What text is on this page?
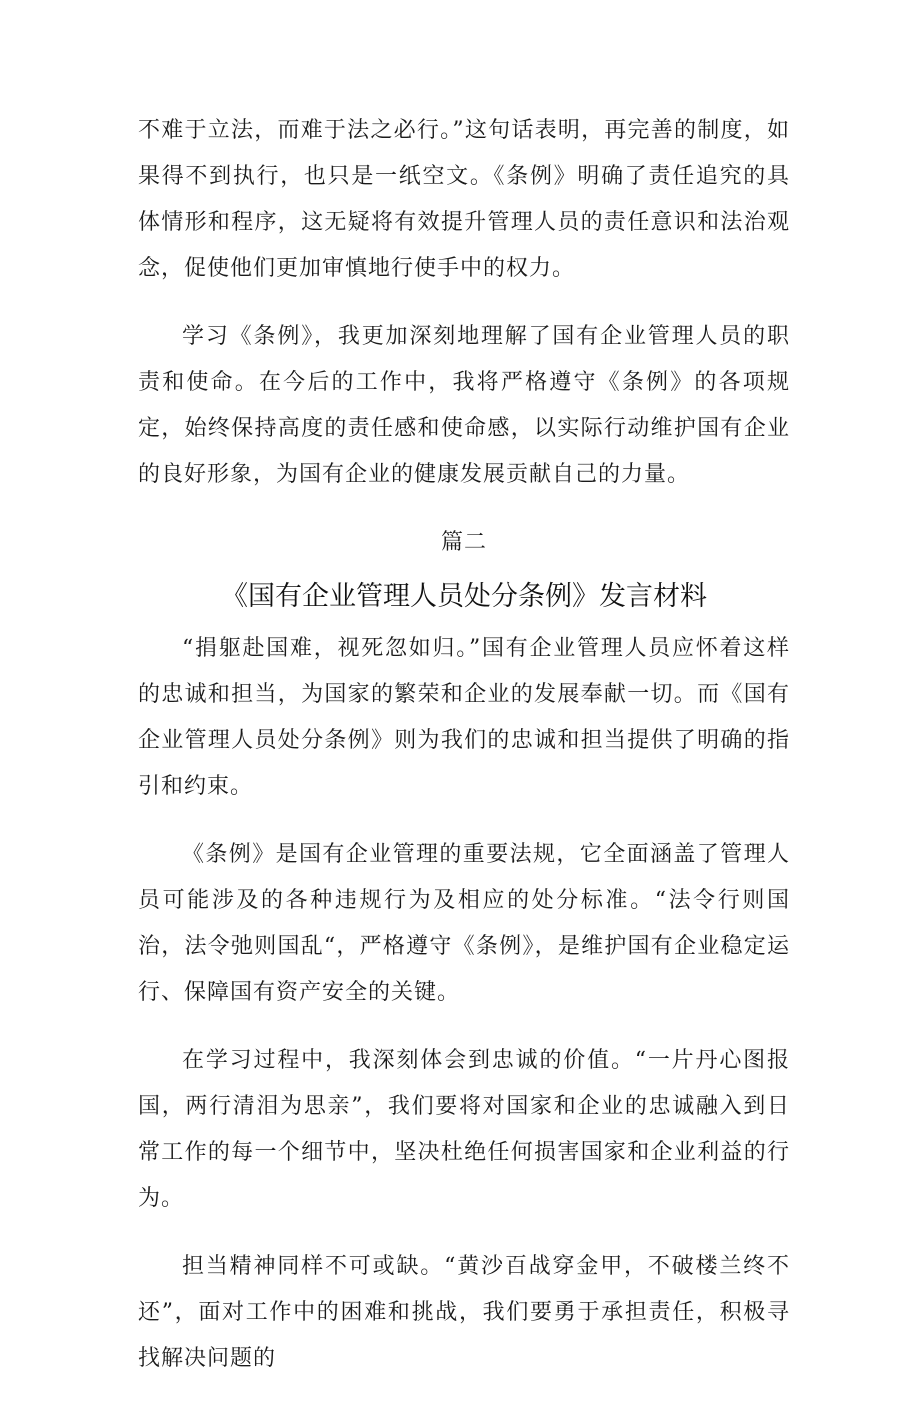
不难于立法，而难于法之必行。”这句话表明，再完善的制度，如果得不到执行，也只是一纸空文。《条例》明确了责任追究的具体情形和程序，这无疑将有效提升管理人员的责任意识和法治观念，促使他们更加审慎地行使手中的权力。

学习《条例》，我更加深刻地理解了国有企业管理人员的职责和使命。在今后的工作中，我将严格遵守《条例》的各项规定，始终保持高度的责任感和使命感，以实际行动维护国有企业的良好形象，为国有企业的健康发展贡献自己的力量。

篇二
《国有企业管理人员处分条例》发言材料

“捐躯赴国难，视死忽如归。”国有企业管理人员应怀着这样的忠诚和担当，为国家的繁荣和企业的发展奉献一切。而《国有企业管理人员处分条例》则为我们的忠诚和担当提供了明确的指引和约束。

《条例》是国有企业管理的重要法规，它全面涵盖了管理人员可能涉及的各种违规行为及相应的处分标准。“法令行则国治，法令弛则国乱“，严格遵守《条例》，是维护国有企业稳定运行、保障国有资产安全的关键。

在学习过程中，我深刻体会到忠诚的价值。“一片丹心图报国，两行清泪为思亲”，我们要将对国家和企业的忠诚融入到日常工作的每一个细节中，坚决杜绝任何损害国家和企业利益的行为。

担当精神同样不可或缺。“黄沙百战穿金甲，不破楼兰终不还”，面对工作中的困难和挑战，我们要勇于承担责任，积极寻找解决问题的
